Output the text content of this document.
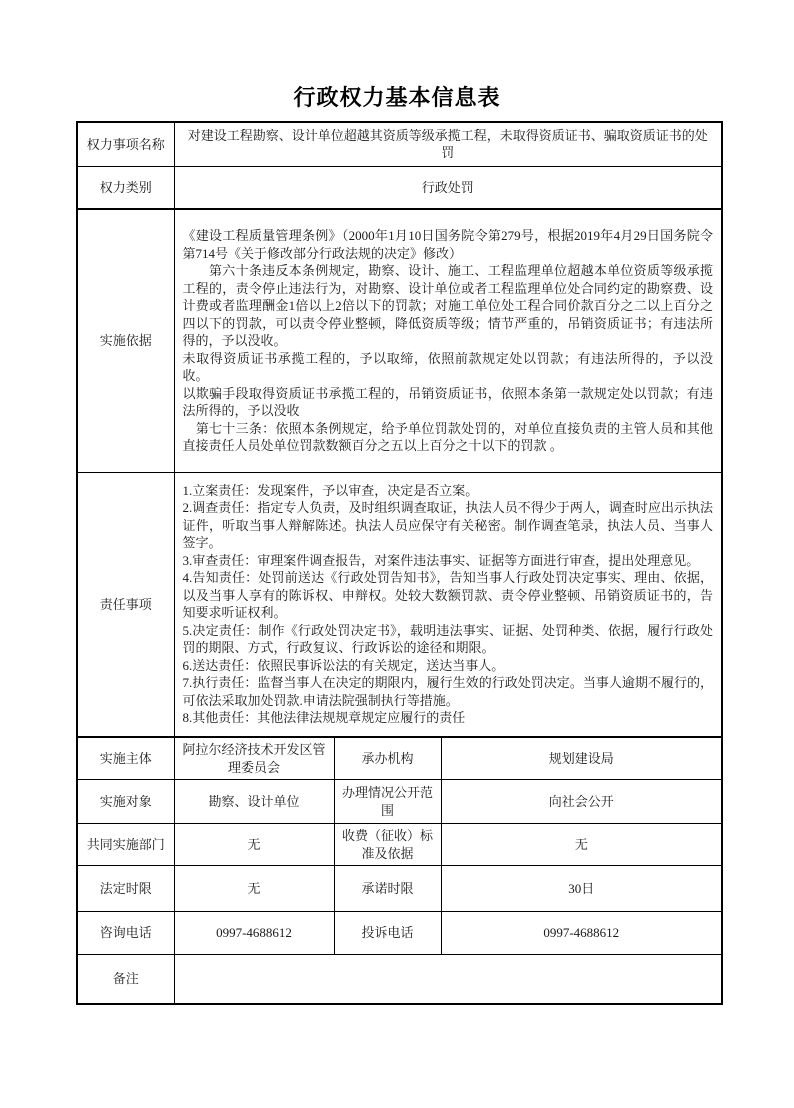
行政权力基本信息表
权力事项名称	对建设工程勘察、设计单位超越其资质等级承揽工程，未取得资质证书、骗取资质证书的处罚		
权力类别	行政处罚		
实施依据	《建设工程质量管理条例》（2000年1月10日国务院令第279号，根据2019年4月29日国务院令第714号《关于修改部分行政法规的决定》修改）

　　第六十条违反本条例规定，勘察、设计、施工、工程监理单位超越本单位资质等级承揽工程的，责令停止违法行为，对勘察、设计单位或者工程监理单位处合同约定的勘察费、设计费或者监理酬金1倍以上2倍以下的罚款；对施工单位处工程合同价款百分之二以上百分之四以下的罚款，可以责令停业整顿，降低资质等级；情节严重的，吊销资质证书；有违法所得的，予以没收。

未取得资质证书承揽工程的，予以取缔，依照前款规定处以罚款；有违法所得的，予以没收。

以欺骗手段取得资质证书承揽工程的，吊销资质证书，依照本条第一款规定处以罚款；有违法所得的，予以没收

　第七十三条：依照本条例规定，给予单位罚款处罚的，对单位直接负责的主管人员和其他直接责任人员处单位罚款数额百分之五以上百分之十以下的罚款 。		

责任事项	

1.立案责任：发现案件，予以审查，决定是否立案。

2.调查责任：指定专人负责，及时组织调查取证，执法人员不得少于两人，调查时应出示执法证件，听取当事人辩解陈述。执法人员应保守有关秘密。制作调查笔录，执法人员、当事人签字。

3.审查责任：审理案件调查报告，对案件违法事实、证据等方面进行审查，提出处理意见。

4.告知责任：处罚前送达《行政处罚告知书》，告知当事人行政处罚决定事实、理由、依据，以及当事人享有的陈诉权、申辩权。处较大数额罚款、责令停业整顿、吊销资质证书的，告知要求听证权利。

5.决定责任：制作《行政处罚决定书》，载明违法事实、证据、处罚种类、依据，履行行政处罚的期限、方式，行政复议、行政诉讼的途径和期限。

6.送达责任：依照民事诉讼法的有关规定，送达当事人。

7.执行责任：监督当事人在决定的期限内，履行生效的行政处罚决定。当事人逾期不履行的，可依法采取加处罚款.申请法院强制执行等措施。

8.其他责任：其他法律法规规章规定应履行的责任

实施主体	阿拉尔经济技术开发区管理委员会	承办机构	规划建设局
实施对象	勘察、设计单位	办理情况公开范围	向社会公开
共同实施部门	无	收费（征收）标准及依据	无
法定时限	无	承诺时限	30日
咨询电话	0997-4688612	投诉电话	0997-4688612
备注			
